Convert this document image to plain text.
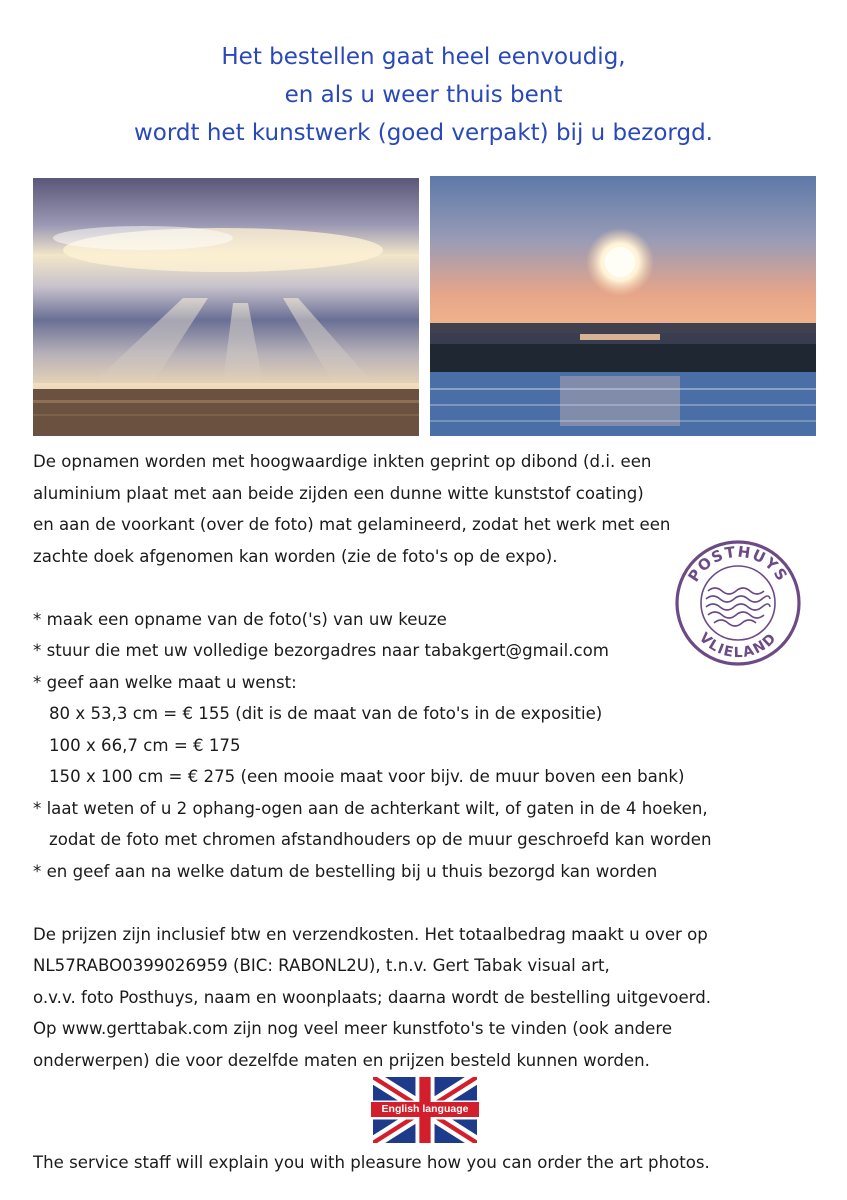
Het bestellen gaat heel eenvoudig,
en als u weer thuis bent
wordt het kunstwerk (goed verpakt) bij u bezorgd.
De opnamen worden met hoogwaardige inkten geprint op dibond (d.i. een
aluminium plaat met aan beide zijden een dunne witte kunststof coating)
en aan de voorkant (over de foto) mat gelamineerd, zodat het werk met een
zachte doek afgenomen kan worden (zie de foto's op de expo).
* maak een opname van de foto('s) van uw keuze
* stuur die met uw volledige bezorgadres naar tabakgert@gmail.com
* geef aan welke maat u wenst:
80 x 53,3 cm = € 155 (dit is de maat van de foto's in de expositie)
100 x 66,7 cm = € 175
150 x 100 cm = € 275 (een mooie maat voor bijv. de muur boven een bank)
* laat weten of u 2 ophang-ogen aan de achterkant wilt, of gaten in de 4 hoeken,
zodat de foto met chromen afstandhouders op de muur geschroefd kan worden
* en geef aan na welke datum de bestelling bij u thuis bezorgd kan worden
De prijzen zijn inclusief btw en verzendkosten. Het totaalbedrag maakt u over op
NL57RABO0399026959 (BIC: RABONL2U), t.n.v. Gert Tabak visual art,
o.v.v. foto Posthuys, naam en woonplaats; daarna wordt de bestelling uitgevoerd.
Op www.gerttabak.com zijn nog veel meer kunstfoto's te vinden (ook andere
onderwerpen) die voor dezelfde maten en prijzen besteld kunnen worden.
POSTHUYS
VLIELAND
English language
The service staff will explain you with pleasure how you can order the art photos.
